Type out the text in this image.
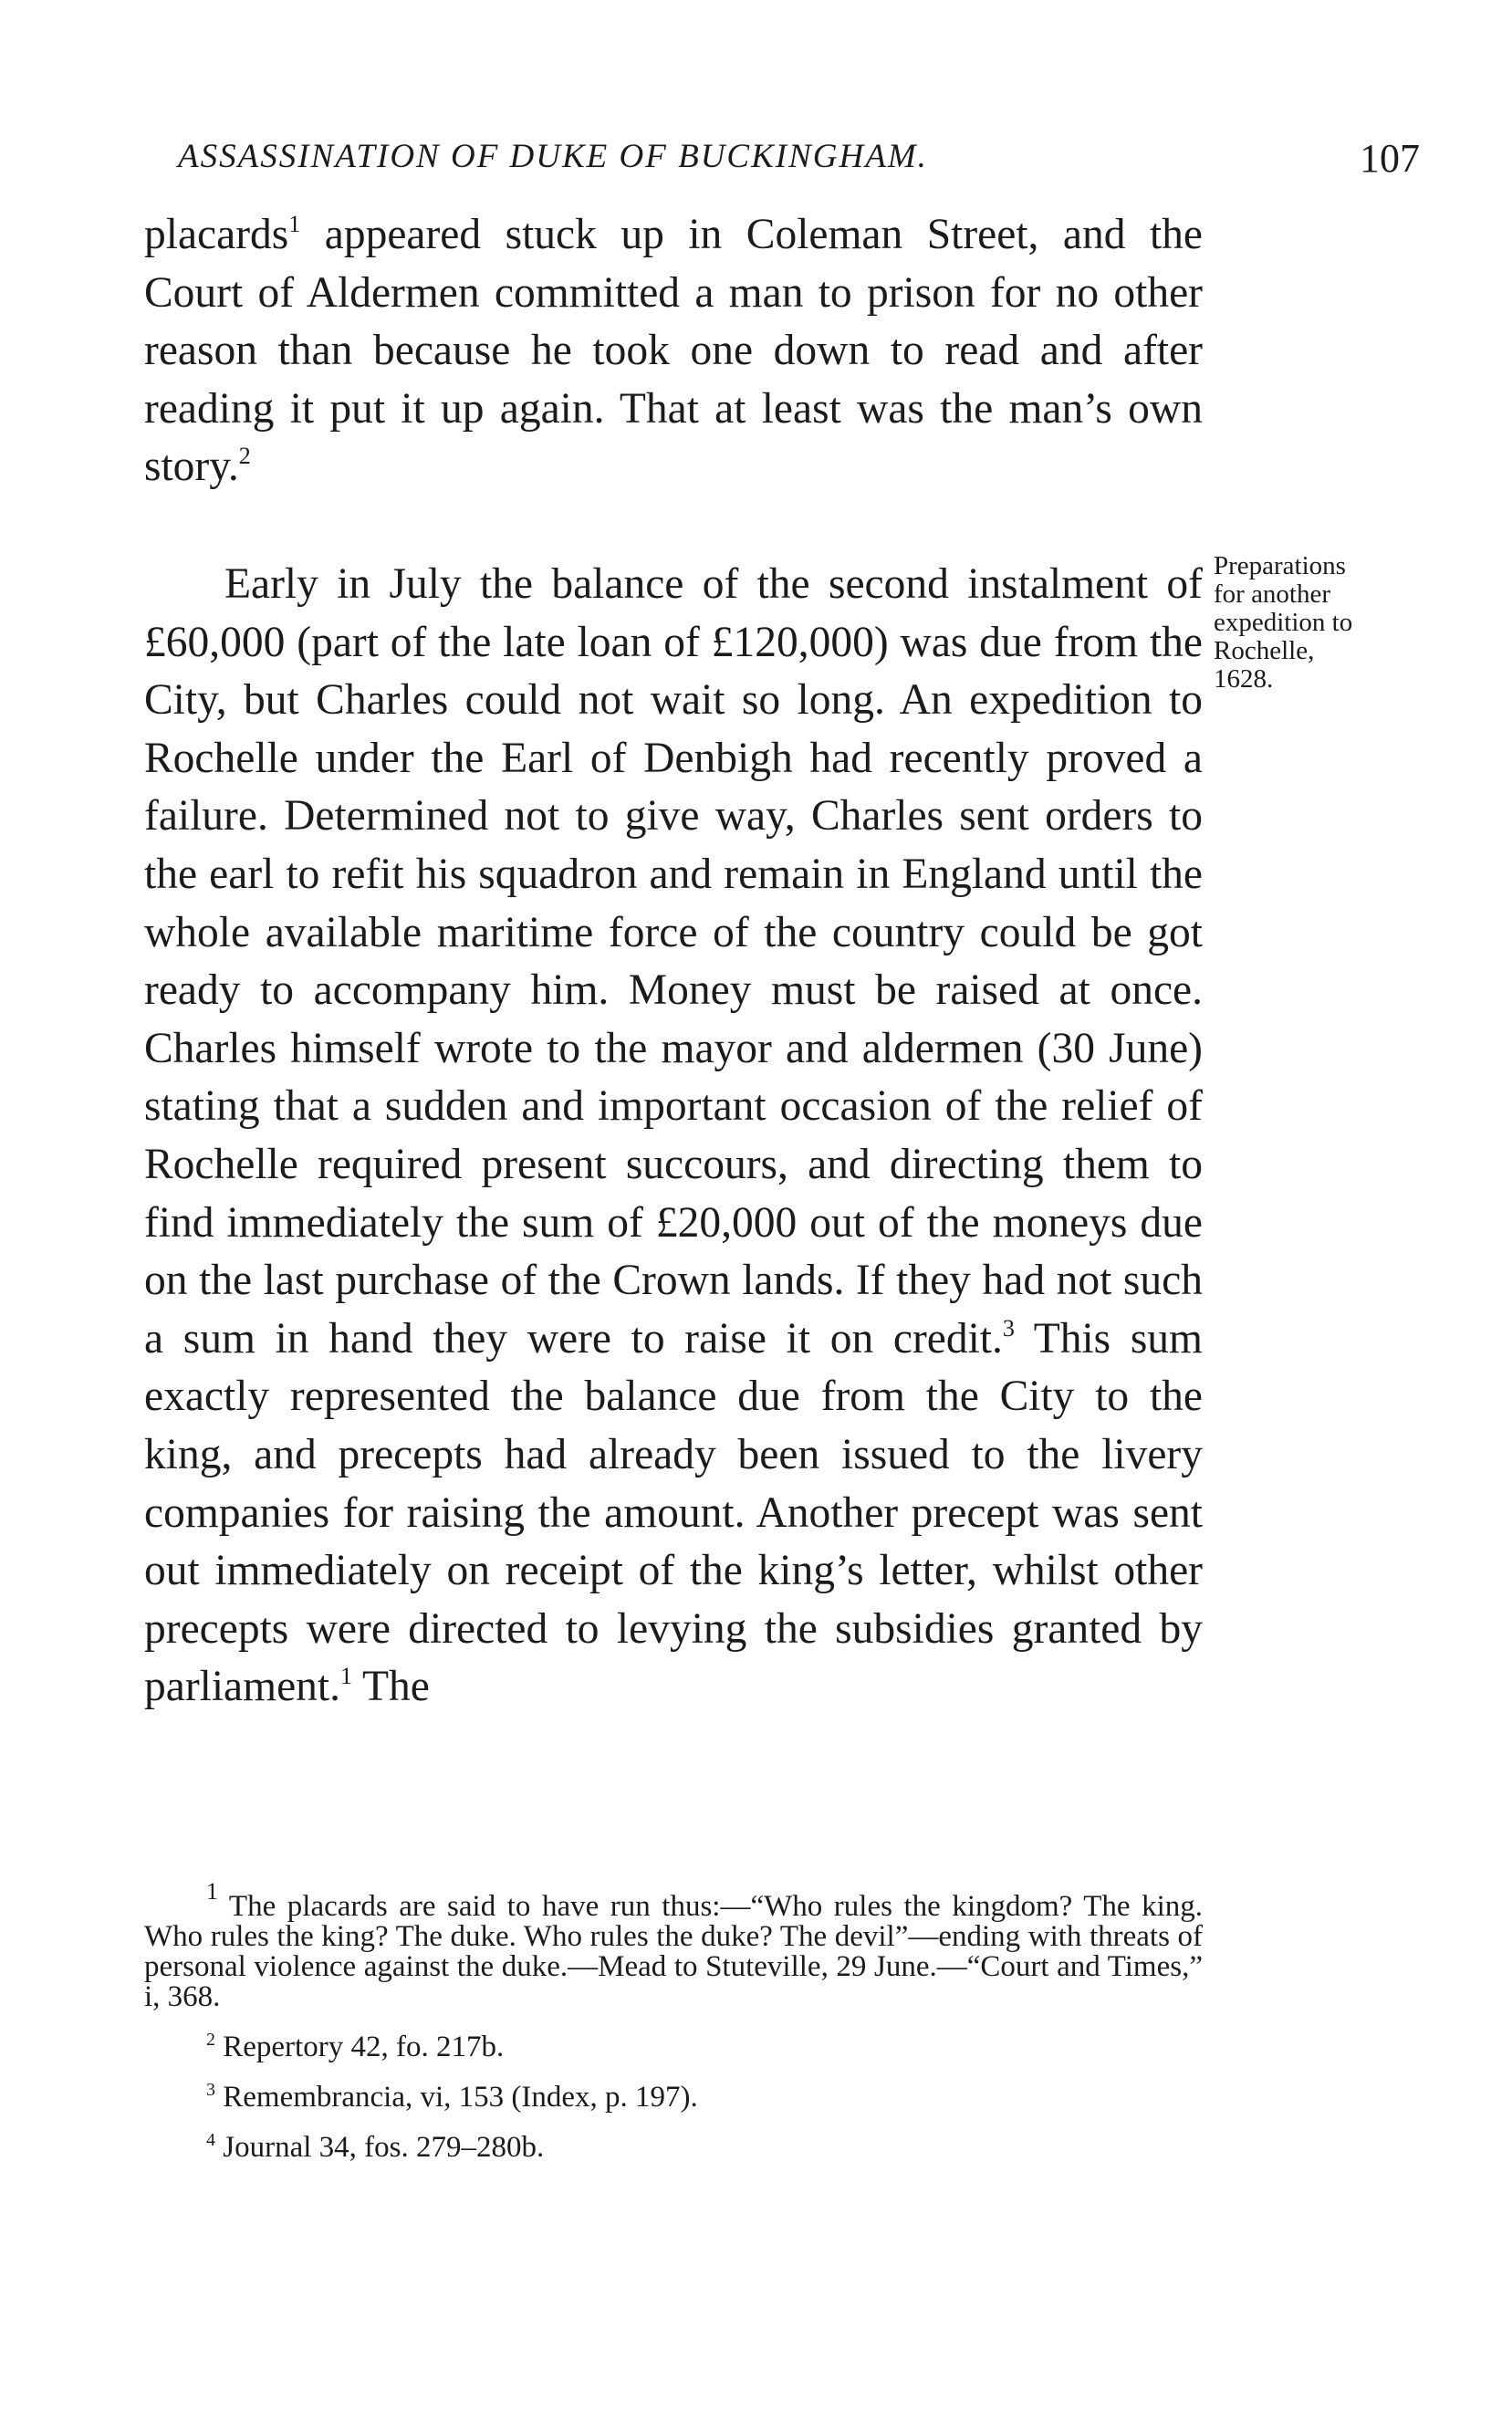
ASSASSINATION OF DUKE OF BUCKINGHAM.	107
placards$^1$ appeared stuck up in Coleman Street, and the Court of Aldermen committed a man to prison for no other reason than because he took one down to read and after reading it put it up again. That at least was the man’s own story.$^2$
Early in July the balance of the second instalment of £60,000 (part of the late loan of £120,000) was due from the City, but Charles could not wait so long. An expedition to Rochelle under the Earl of Denbigh had recently proved a failure. Determined not to give way, Charles sent orders to the earl to refit his squadron and remain in England until the whole available maritime force of the country could be got ready to accompany him. Money must be raised at once. Charles himself wrote to the mayor and aldermen (30 June) stating that a sudden and important occasion of the relief of Rochelle required present succours, and directing them to find immediately the sum of £20,000 out of the moneys due on the last purchase of the Crown lands. If they had not such a sum in hand they were to raise it on credit.$^3$ This sum exactly represented the balance due from the City to the king, and precepts had already been issued to the livery companies for raising the amount. Another precept was sent out immediately on receipt of the king’s letter, whilst other precepts were directed to levying the subsidies granted by parliament.$^1$ The
Preparations
for another
expedition to
Rochelle,
1628.
$^1$ The placards are said to have run thus:—“Who rules the kingdom? The king. Who rules the king? The duke. Who rules the duke? The devil”—ending with threats of personal violence against the duke.—Mead to Stuteville, 29 June.—“Court and Times,” i, 368.
$^2$ Repertory 42, fo. 217b.
$^3$ Remembrancia, vi, 153 (Index, p. 197).
$^4$ Journal 34, fos. 279–280b.
